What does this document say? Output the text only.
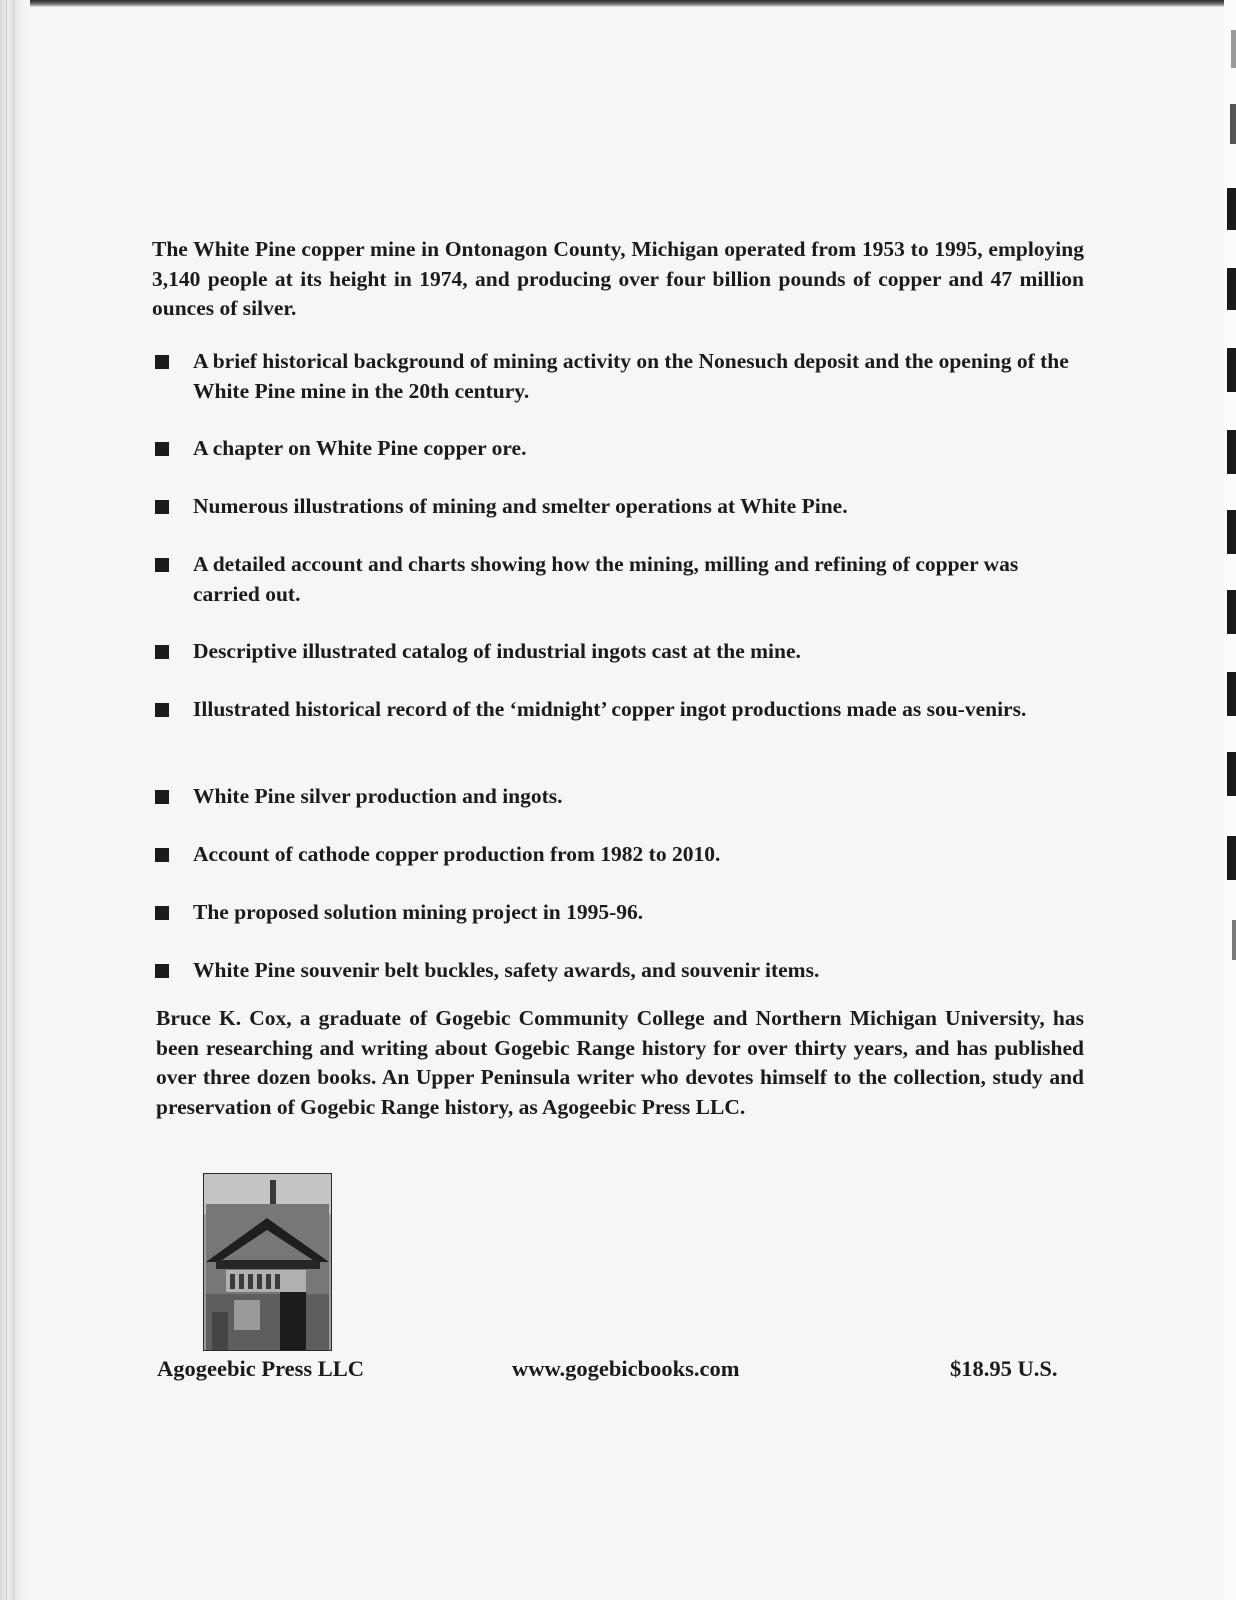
The White Pine copper mine in Ontonagon County, Michigan operated from 1953 to 1995, employing 3,140 people at its height in 1974, and producing over four billion pounds of copper and 47 million ounces of silver.

A brief historical background of mining activity on the Nonesuch deposit and the opening of the White Pine mine in the 20th century.
A chapter on White Pine copper ore.
Numerous illustrations of mining and smelter operations at White Pine.
A detailed account and charts showing how the mining, milling and refining of copper was carried out.
Descriptive illustrated catalog of industrial ingots cast at the mine.
Illustrated historical record of the ‘midnight’ copper ingot productions made as sou-venirs.
White Pine silver production and ingots.
Account of cathode copper production from 1982 to 2010.
The proposed solution mining project in 1995-96.
White Pine souvenir belt buckles, safety awards, and souvenir items.

Bruce K. Cox, a graduate of Gogebic Community College and Northern Michigan University, has been researching and writing about Gogebic Range history for over thirty years, and has published over three dozen books. An Upper Peninsula writer who devotes himself to the collection, study and preservation of Gogebic Range history, as Agogeebic Press LLC.

Agogeebic Press LLC	www.gogebicbooks.com	$18.95 U.S.
